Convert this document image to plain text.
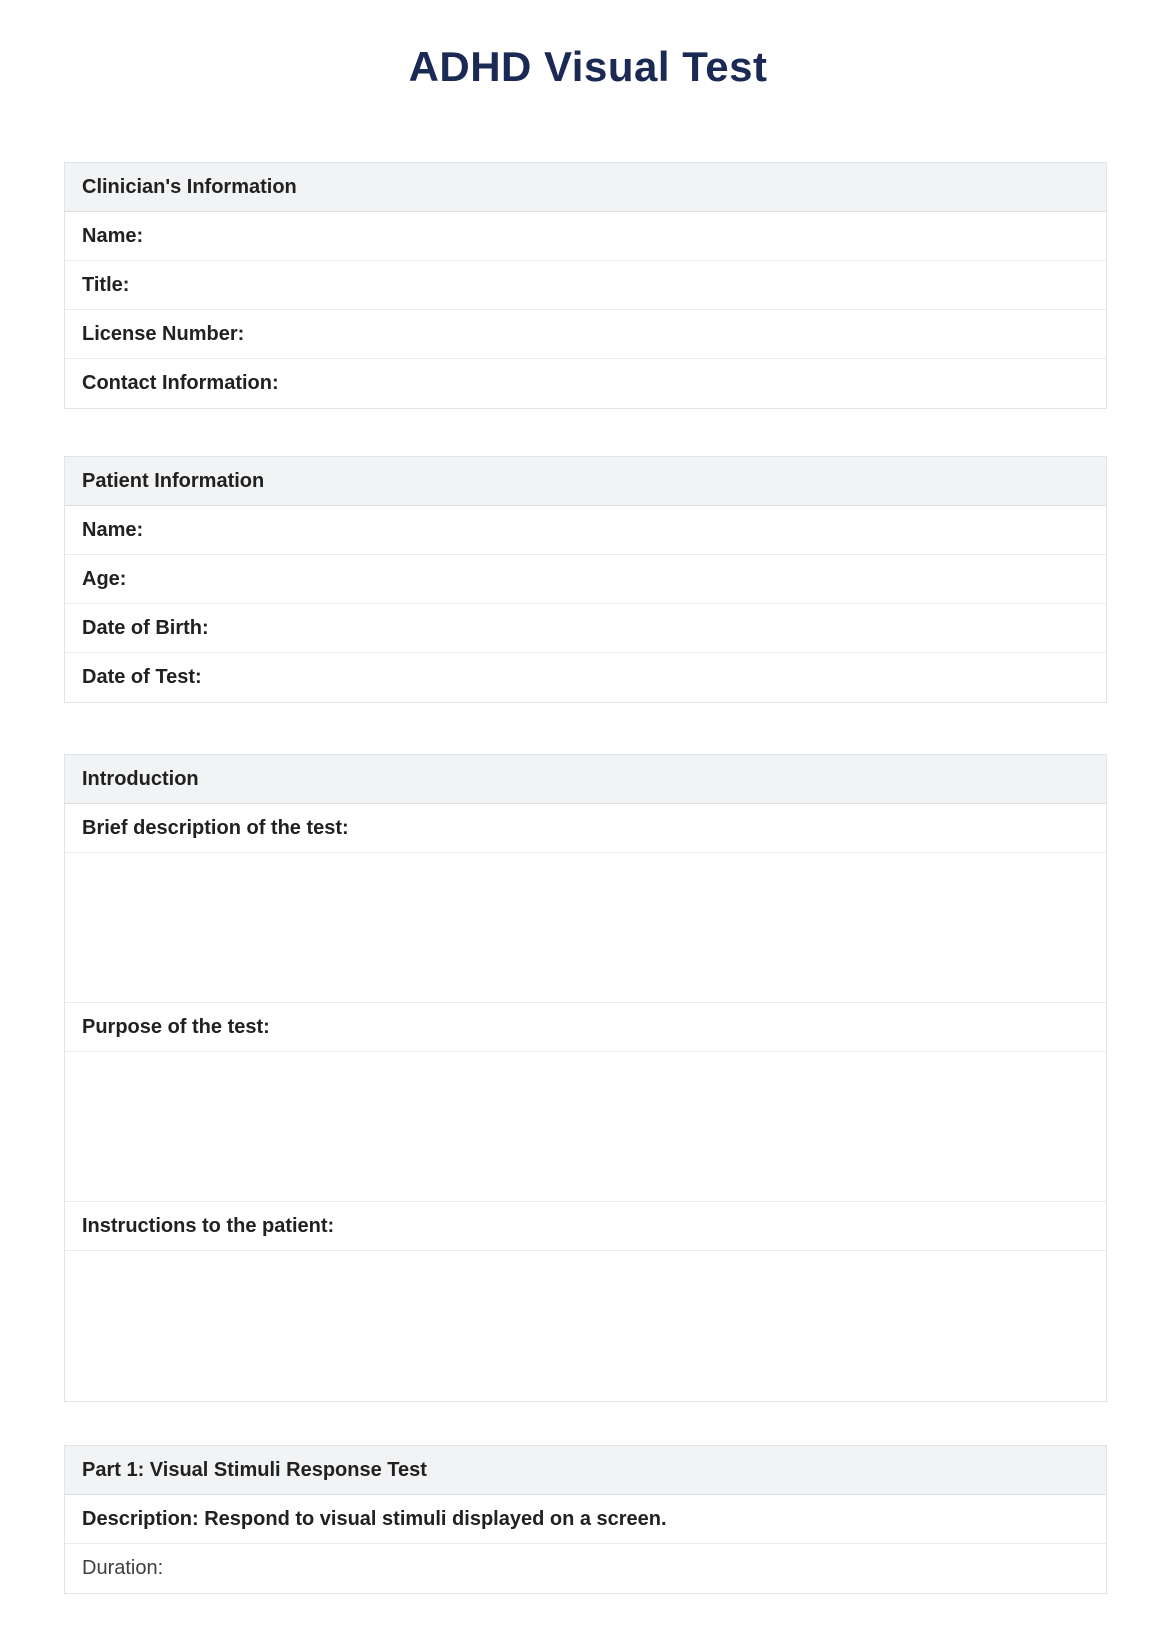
ADHD Visual Test
Clinician's Information
Name:
Title:
License Number:
Contact Information:
Patient Information
Name:
Age:
Date of Birth:
Date of Test:
Introduction
Brief description of the test:
Purpose of the test:
Instructions to the patient:
Part 1: Visual Stimuli Response Test
Description: Respond to visual stimuli displayed on a screen.
Duration:
